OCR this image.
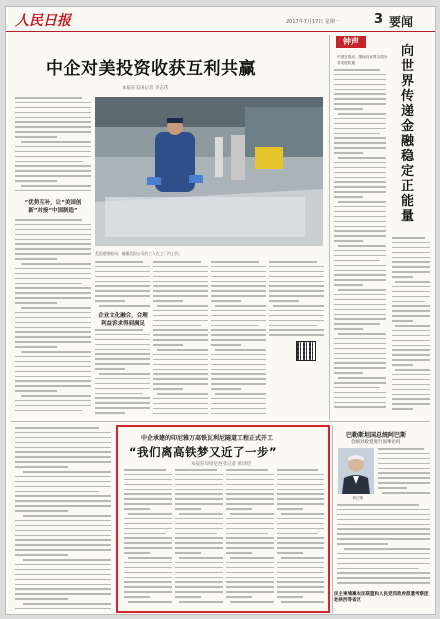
人民日报	2017年7月17日 星期一	3 要闻
中企对美投资收获互利共赢
本报驻美国记者 李志伟
“优势互补，让“美国创新”对接“中国制造”
美国密歇根州，福耀美国公司的工人在工厂内工作。
企业文化融合，合理利益诉求得到满足
钟声
中国在推动，继续同世界各国分享发展机遇
向世界传递金融稳定正能量
中企承建的印尼雅万高铁瓦利尼隧道工程正式开工
“我们离高铁梦又近了一步”
本报驻印度尼西亚记者 黄培昭
巴勒斯坦国总统阿巴斯
会晤对政党进行国事访问
阿巴斯
民主柬埔寨农民联盟和人民党同政府派遣考察团赴陕西等省区
